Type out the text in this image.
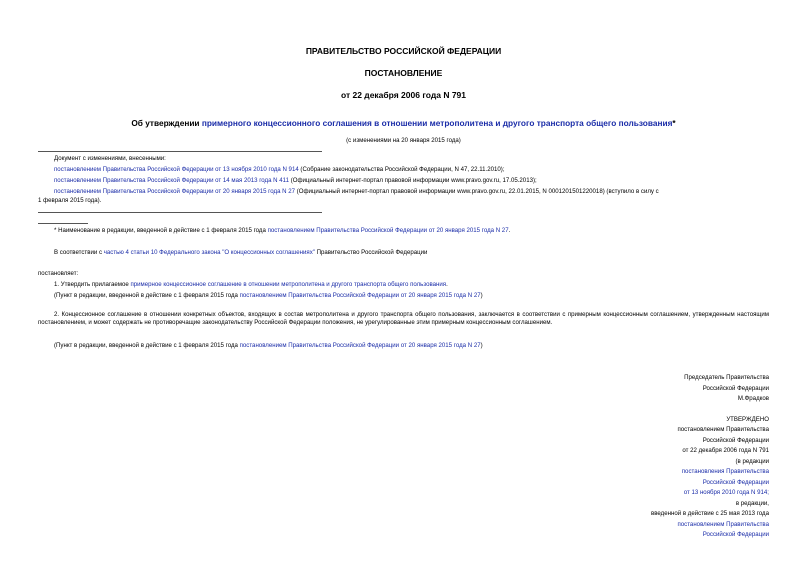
ПРАВИТЕЛЬСТВО РОССИЙСКОЙ ФЕДЕРАЦИИ
ПОСТАНОВЛЕНИЕ
от 22 декабря 2006 года N 791
Об утверждении примерного концессионного соглашения в отношении метрополитена и другого транспорта общего пользования*
(с изменениями на 20 января 2015 года)
Документ с изменениями, внесенными:
постановлением Правительства Российской Федерации от 13 ноября 2010 года N 914 (Собрание законодательства Российской Федерации, N 47, 22.11.2010);
постановлением Правительства Российской Федерации от 14 мая 2013 года N 411 (Официальный интернет-портал правовой информации www.pravo.gov.ru, 17.05.2013);
постановлением Правительства Российской Федерации от 20 января 2015 года N 27 (Официальный интернет-портал правовой информации www.pravo.gov.ru, 22.01.2015, N 0001201501220018) (вступило в силу с
1 февраля 2015 года).
* Наименование в редакции, введенной в действие с 1 февраля 2015 года постановлением Правительства Российской Федерации от 20 января 2015 года N 27.
В соответствии с частью 4 статьи 10 Федерального закона "О концессионных соглашениях" Правительство Российской Федерации
постановляет:
1. Утвердить прилагаемое примерное концессионное соглашение в отношении метрополитена и другого транспорта общего пользования.
(Пункт в редакции, введенной в действие с 1 февраля 2015 года постановлением Правительства Российской Федерации от 20 января 2015 года N 27)
2. Концессионное соглашение в отношении конкретных объектов, входящих в состав метрополитена и другого транспорта общего пользования, заключается в соответствии с примерным концессионным соглашением, утвержденным настоящим постановлением, и может содержать не противоречащие законодательству Российской Федерации положения, не урегулированные этим примерным концессионным соглашением.
(Пункт в редакции, введенной в действие с 1 февраля 2015 года постановлением Правительства Российской Федерации от 20 января 2015 года N 27)
Председатель Правительства
Российской Федерации
М.Фрадков
УТВЕРЖДЕНО
постановлением Правительства
Российской Федерации
от 22 декабря 2006 года N 791
(в редакции
постановления Правительства
Российской Федерации
от 13 ноября 2010 года N 914;
в редакции,
введенной в действие с 25 мая 2013 года
постановлением Правительства
Российской Федерации
